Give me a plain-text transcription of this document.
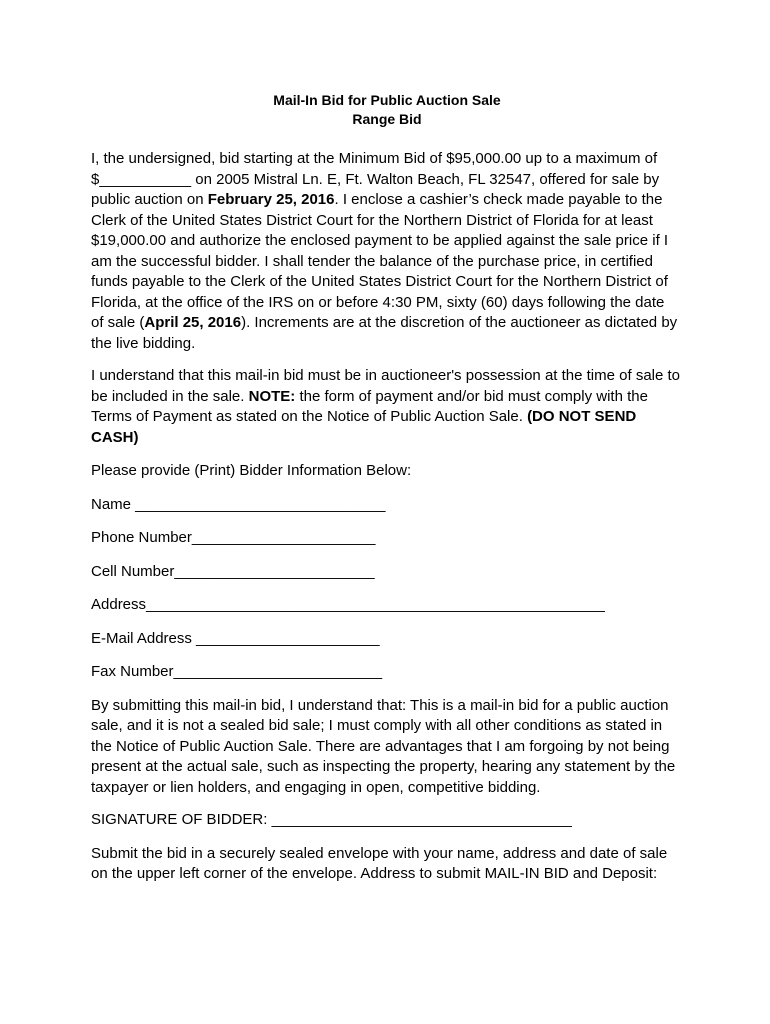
Mail-In Bid for Public Auction Sale
Range Bid

I, the undersigned, bid starting at the Minimum Bid of $95,000.00 up to a maximum of $___________ on 2005 Mistral Ln. E, Ft. Walton Beach, FL 32547, offered for sale by public auction on February 25, 2016. I enclose a cashier’s check made payable to the Clerk of the United States District Court for the Northern District of Florida for at least $19,000.00 and authorize the enclosed payment to be applied against the sale price if I am the successful bidder. I shall tender the balance of the purchase price, in certified funds payable to the Clerk of the United States District Court for the Northern District of Florida, at the office of the IRS on or before 4:30 PM, sixty (60) days following the date of sale (April 25, 2016). Increments are at the discretion of the auctioneer as dictated by the live bidding.

I understand that this mail-in bid must be in auctioneer's possession at the time of sale to be included in the sale. NOTE: the form of payment and/or bid must comply with the Terms of Payment as stated on the Notice of Public Auction Sale. (DO NOT SEND CASH)

Please provide (Print) Bidder Information Below:

Name ______________________________
Phone Number______________________
Cell Number________________________
Address_______________________________________________________
E-Mail Address ______________________
Fax Number_________________________

By submitting this mail-in bid, I understand that: This is a mail-in bid for a public auction sale, and it is not a sealed bid sale; I must comply with all other conditions as stated in the Notice of Public Auction Sale. There are advantages that I am forgoing by not being present at the actual sale, such as inspecting the property, hearing any statement by the taxpayer or lien holders, and engaging in open, competitive bidding.

SIGNATURE OF BIDDER: ____________________________________

Submit the bid in a securely sealed envelope with your name, address and date of sale on the upper left corner of the envelope. Address to submit MAIL-IN BID and Deposit:
